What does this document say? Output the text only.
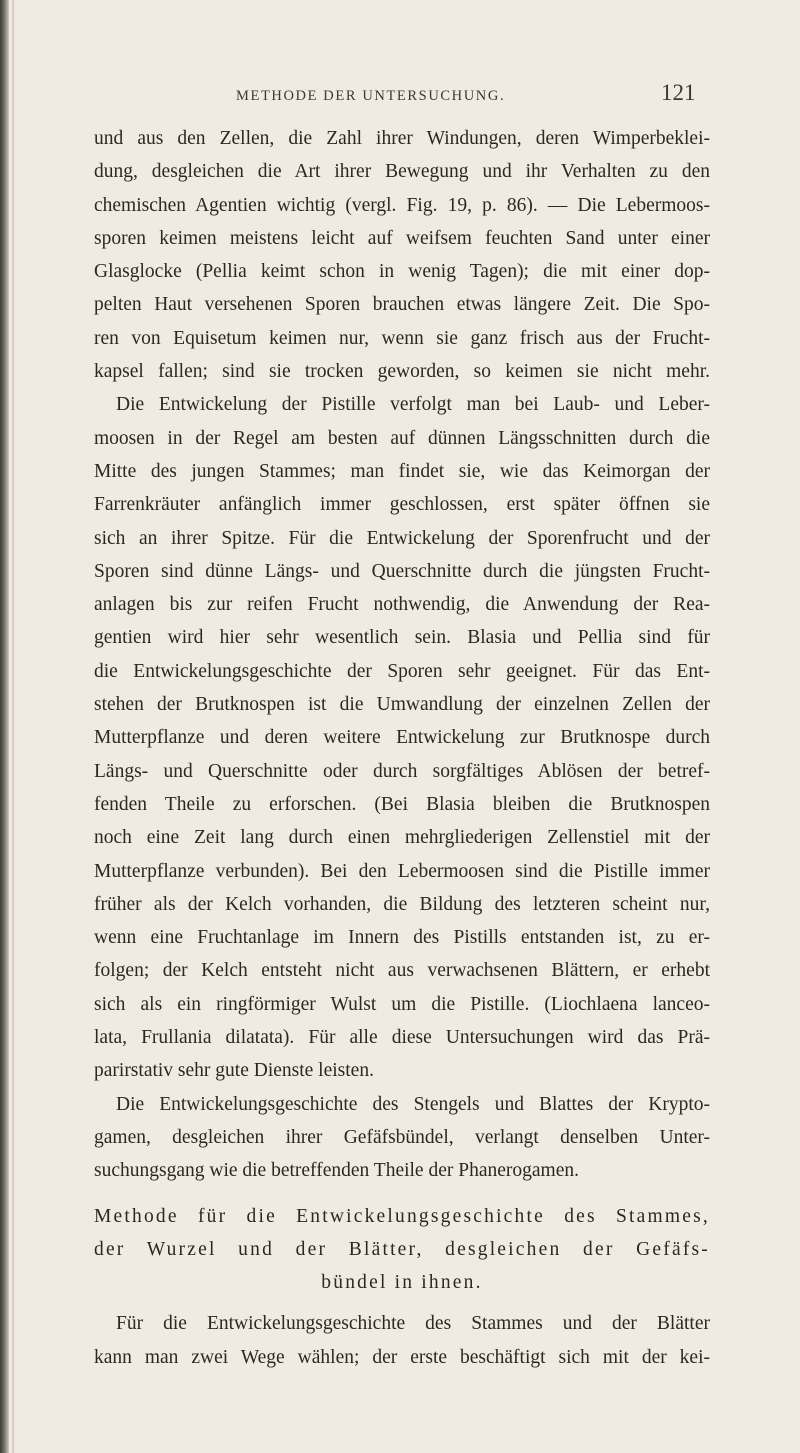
METHODE DER UNTERSUCHUNG.	121
und aus den Zellen, die Zahl ihrer Windungen, deren Wimperbeklei-
dung, desgleichen die Art ihrer Bewegung und ihr Verhalten zu den
chemischen Agentien wichtig (vergl. Fig. 19, p. 86). — Die Lebermoos-
sporen keimen meistens leicht auf weifsem feuchten Sand unter einer
Glasglocke (Pellia keimt schon in wenig Tagen); die mit einer dop-
pelten Haut versehenen Sporen brauchen etwas längere Zeit. Die Spo-
ren von Equisetum keimen nur, wenn sie ganz frisch aus der Frucht-
kapsel fallen; sind sie trocken geworden, so keimen sie nicht mehr.
Die Entwickelung der Pistille verfolgt man bei Laub- und Leber-
moosen in der Regel am besten auf dünnen Längsschnitten durch die
Mitte des jungen Stammes; man findet sie, wie das Keimorgan der
Farrenkräuter anfänglich immer geschlossen, erst später öffnen sie
sich an ihrer Spitze. Für die Entwickelung der Sporenfrucht und der
Sporen sind dünne Längs- und Querschnitte durch die jüngsten Frucht-
anlagen bis zur reifen Frucht nothwendig, die Anwendung der Rea-
gentien wird hier sehr wesentlich sein. Blasia und Pellia sind für
die Entwickelungsgeschichte der Sporen sehr geeignet. Für das Ent-
stehen der Brutknospen ist die Umwandlung der einzelnen Zellen der
Mutterpflanze und deren weitere Entwickelung zur Brutknospe durch
Längs- und Querschnitte oder durch sorgfältiges Ablösen der betref-
fenden Theile zu erforschen. (Bei Blasia bleiben die Brutknospen
noch eine Zeit lang durch einen mehrgliederigen Zellenstiel mit der
Mutterpflanze verbunden). Bei den Lebermoosen sind die Pistille immer
früher als der Kelch vorhanden, die Bildung des letzteren scheint nur,
wenn eine Fruchtanlage im Innern des Pistills entstanden ist, zu er-
folgen; der Kelch entsteht nicht aus verwachsenen Blättern, er erhebt
sich als ein ringförmiger Wulst um die Pistille. (Liochlaena lanceo-
lata, Frullania dilatata). Für alle diese Untersuchungen wird das Prä-
parirstativ sehr gute Dienste leisten.
Die Entwickelungsgeschichte des Stengels und Blattes der Krypto-
gamen, desgleichen ihrer Gefäfsbündel, verlangt denselben Unter-
suchungsgang wie die betreffenden Theile der Phanerogamen.
Methode für die Entwickelungsgeschichte des Stammes,
der Wurzel und der Blätter, desgleichen der Gefäfs-
bündel in ihnen.
Für die Entwickelungsgeschichte des Stammes und der Blätter
kann man zwei Wege wählen; der erste beschäftigt sich mit der kei-
